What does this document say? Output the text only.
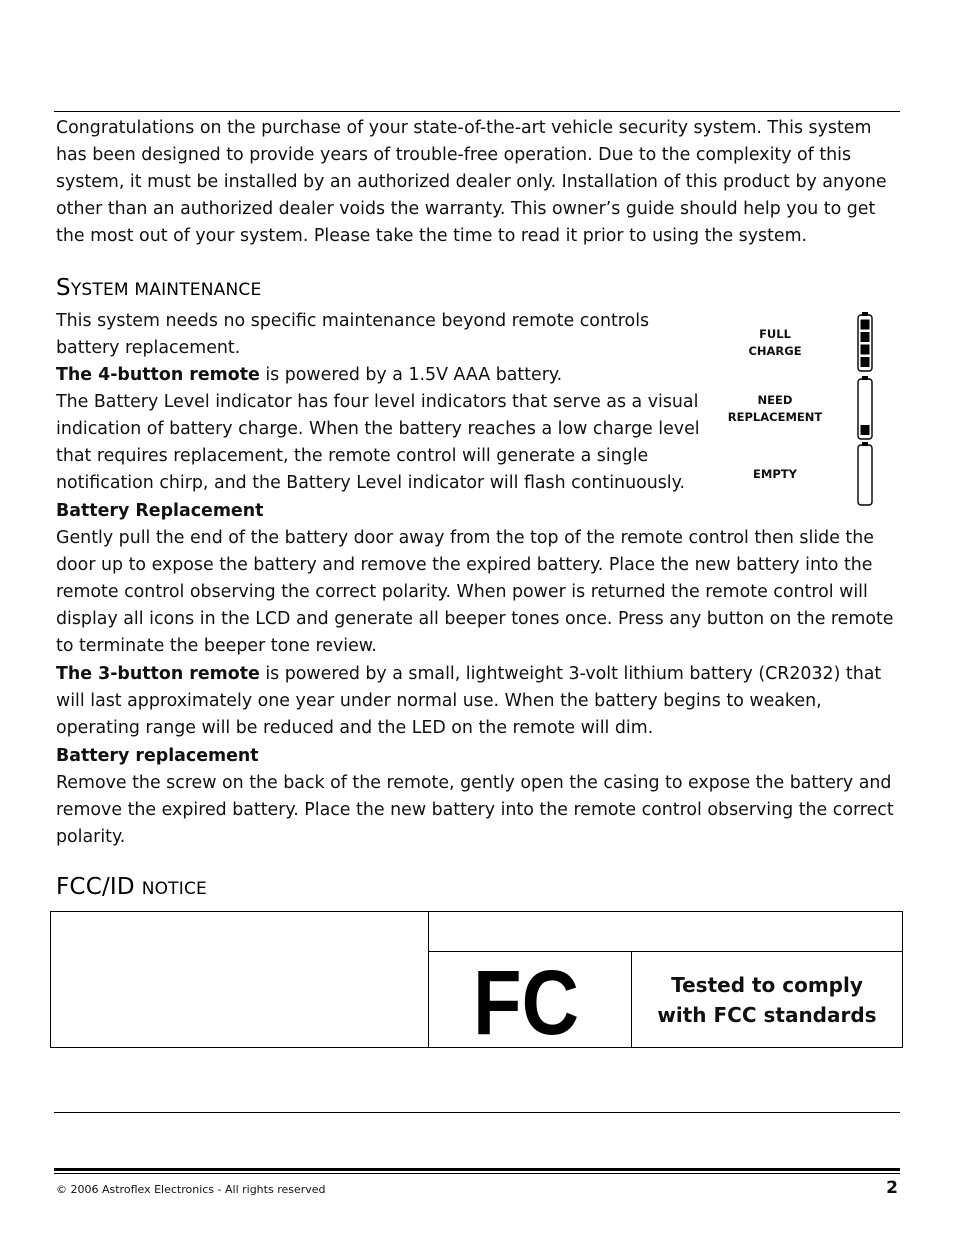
Congratulations on the purchase of your state-of-the-art vehicle security system. This system has been designed to provide years of trouble-free operation. Due to the complexity of this system, it must be installed by an authorized dealer only. Installation of this product by anyone other than an authorized dealer voids the warranty. This owner’s guide should help you to get the most out of your system. Please take the time to read it prior to using the system.

SYSTEM MAINTENANCE

This system needs no specific maintenance beyond remote controls battery replacement.

The 4-button remote is powered by a 1.5V AAA battery.

The Battery Level indicator has four level indicators that serve as a visual indication of battery charge. When the battery reaches a low charge level that requires replacement, the remote control will generate a single notification chirp, and the Battery Level indicator will flash continuously.

Battery Replacement

Gently pull the end of the battery door away from the top of the remote control then slide the door up to expose the battery and remove the expired battery. Place the new battery into the remote control observing the correct polarity. When power is returned the remote control will display all icons in the LCD and generate all beeper tones once. Press any button on the remote to terminate the beeper tone review.

The 3-button remote is powered by a small, lightweight 3-volt lithium battery (CR2032) that will last approximately one year under normal use. When the battery begins to weaken, operating range will be reduced and the LED on the remote will dim.

Battery replacement

Remove the screw on the back of the remote, gently open the casing to expose the battery and remove the expired battery. Place the new battery into the remote control observing the correct polarity.

FULL
CHARGE
NEED
REPLACEMENT
EMPTY
FCC/ID NOTICE
FC	Tested to comply
with FCC standards
© 2006 Astroflex Electronics - All rights reserved	2
